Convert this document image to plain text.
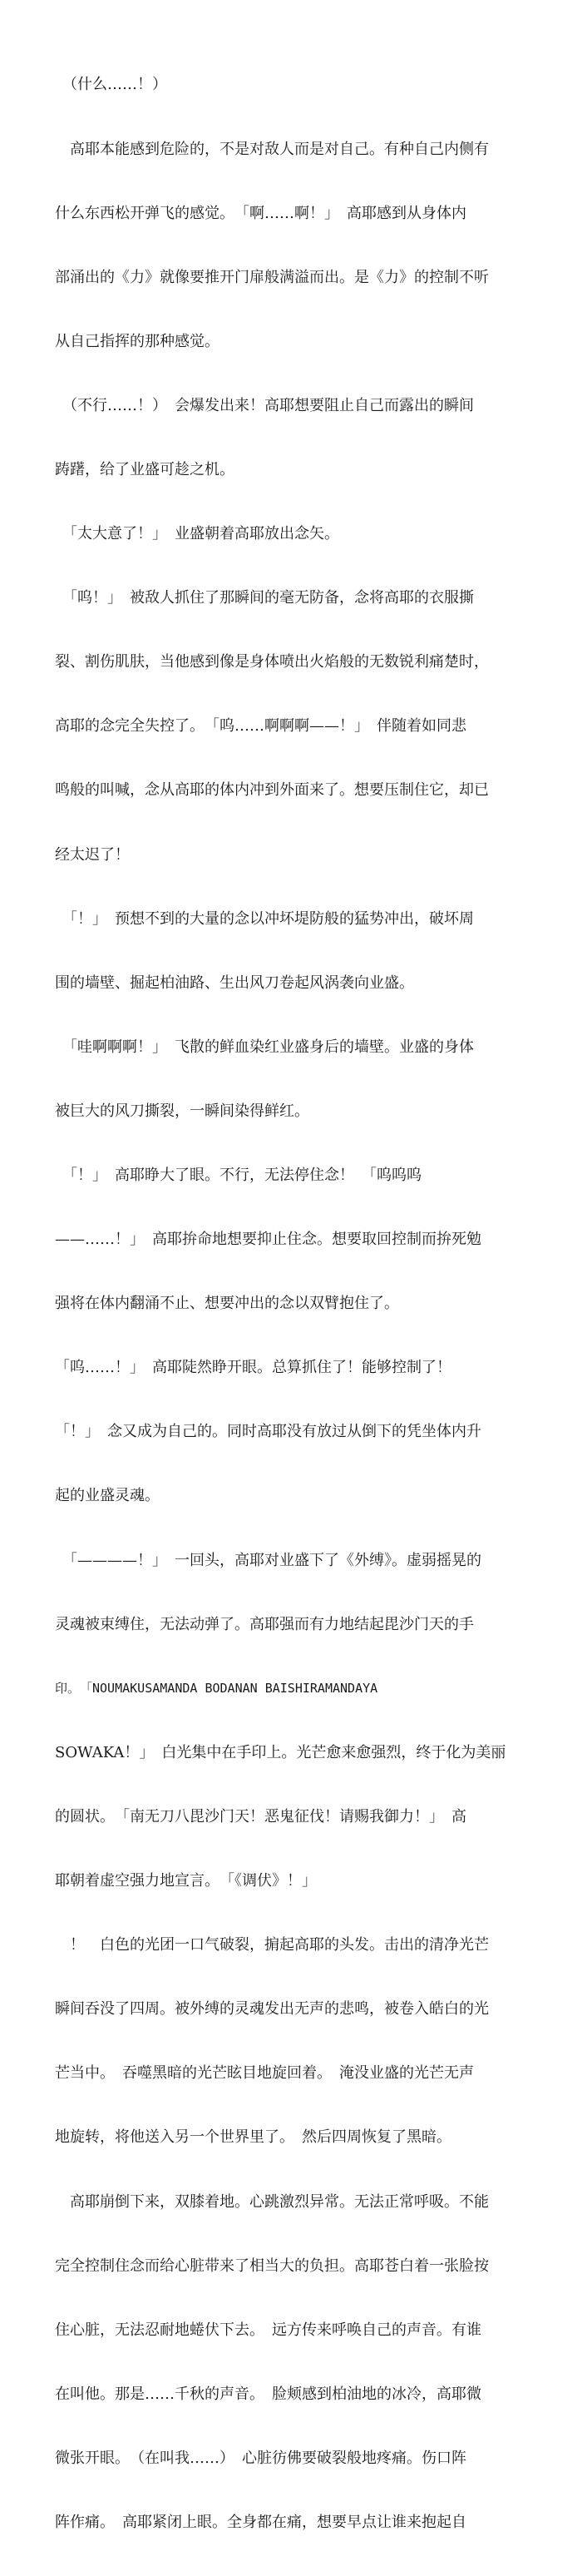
　（什么……！）

　高耶本能感到危险的，不是对敌人而是对自己。有种自己内侧有

什么东西松开弹飞的感觉。　「啊……啊！」　高耶感到从身体内

部涌出的《力》就像要推开门扉般满溢而出。是《力》的控制不听

从自己指挥的那种感觉。

　（不行……！）　会爆发出来！高耶想要阻止自己而露出的瞬间

踌躇，给了业盛可趁之机。

　「太大意了！」　业盛朝着高耶放出念矢。

　「呜！」　被敌人抓住了那瞬间的毫无防备，念将高耶的衣服撕

裂、割伤肌肤，当他感到像是身体喷出火焰般的无数锐利痛楚时，

高耶的念完全失控了。　「呜……啊啊啊——！」　伴随着如同悲

鸣般的叫喊，念从高耶的体内冲到外面来了。想要压制住它，却已

经太迟了！

　「！」　预想不到的大量的念以冲坏堤防般的猛势冲出，破坏周

围的墙壁、掘起柏油路、生出风刀卷起风涡袭向业盛。

　「哇啊啊啊！」　飞散的鲜血染红业盛身后的墙壁。业盛的身体

被巨大的风刀撕裂，一瞬间染得鲜红。

　「！」　高耶睁大了眼。不行，无法停住念！　「呜呜呜

——……！」　高耶拚命地想要抑止住念。想要取回控制而拚死勉

强将在体内翻涌不止、想要冲出的念以双臂抱住了。

「呜……！」　高耶陡然睁开眼。总算抓住了！能够控制了！

「！」　念又成为自己的。同时高耶没有放过从倒下的凭坐体内升

起的业盛灵魂。

　「————！」　一回头，高耶对业盛下了《外缚》。虚弱摇晃的

灵魂被束缚住，无法动弹了。高耶强而有力地结起毘沙门天的手

印。　「NOUMAKUSAMANDA BODANAN BAISHIRAMANDAYA

SOWAKA！」　白光集中在手印上。光芒愈来愈强烈，终于化为美丽

的圆状。　「南无刀八毘沙门天！恶鬼征伐！请赐我御力！」　高

耶朝着虚空强力地宣言。　「《调伏》！」

　！　白色的光团一口气破裂，掮起高耶的头发。击出的清净光芒

瞬间吞没了四周。被外缚的灵魂发出无声的悲鸣，被卷入皓白的光

芒当中。　吞噬黑暗的光芒眩目地旋回着。　淹没业盛的光芒无声

地旋转，将他送入另一个世界里了。　然后四周恢复了黑暗。

　高耶崩倒下来，双膝着地。心跳激烈异常。无法正常呼吸。不能

完全控制住念而给心脏带来了相当大的负担。高耶苍白着一张脸按

住心脏，无法忍耐地蜷伏下去。　远方传来呼唤自己的声音。有谁

在叫他。那是……千秋的声音。　脸颊感到柏油地的冰冷，高耶微

微张开眼。　（在叫我……）　心脏彷佛要破裂般地疼痛。伤口阵

阵作痛。　高耶紧闭上眼。全身都在痛，想要早点让谁来抱起自
